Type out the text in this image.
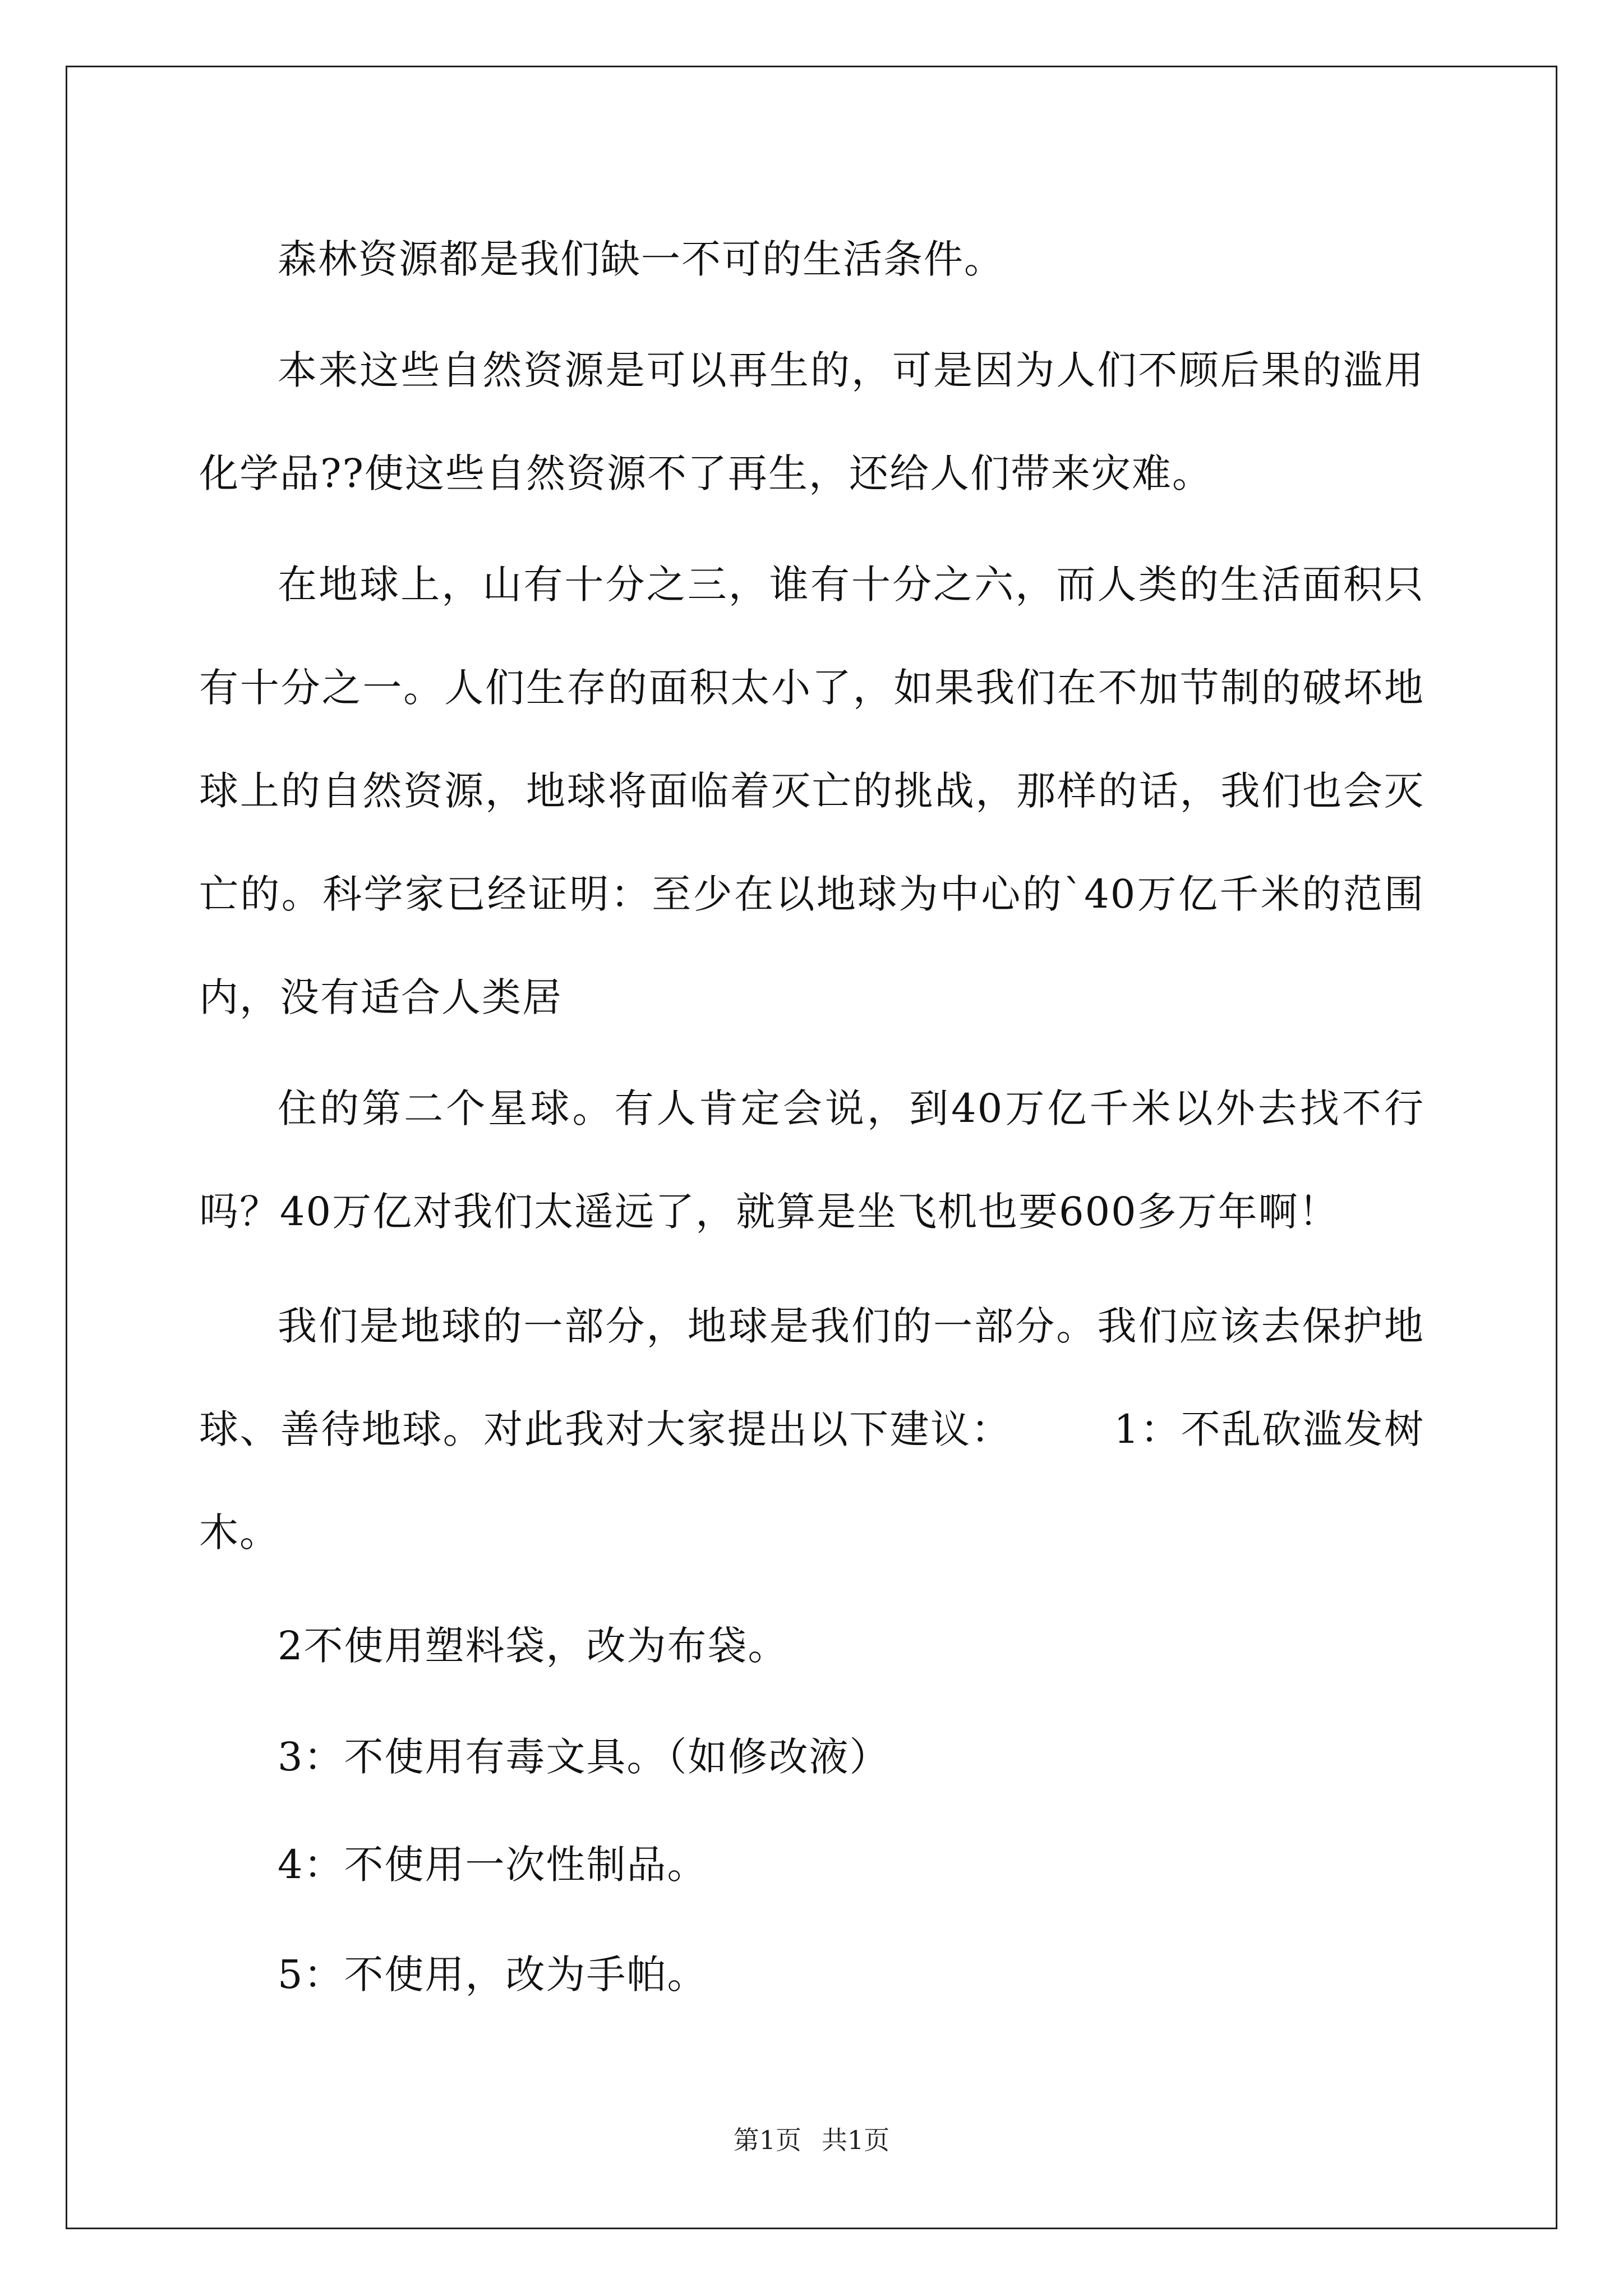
森林资源都是我们缺一不可的生活条件。

本来这些自然资源是可以再生的，可是因为人们不顾后果的滥用化学品??使这些自然资源不了再生，还给人们带来灾难。

在地球上，山有十分之三，谁有十分之六，而人类的生活面积只有十分之一。人们生存的面积太小了，如果我们在不加节制的破坏地球上的自然资源，地球将面临着灭亡的挑战，那样的话，我们也会灭亡的。科学家已经证明：至少在以地球为中心的`40万亿千米的范围内，没有适合人类居

住的第二个星球。有人肯定会说，到40万亿千米以外去找不行吗？40万亿对我们太遥远了，就算是坐飞机也要600多万年啊！

我们是地球的一部分，地球是我们的一部分。我们应该去保护地球、善待地球。对此我对大家提出以下建议：　　　1：不乱砍滥发树木。

2不使用塑料袋，改为布袋。

3：不使用有毒文具。（如修改液）

4：不使用一次性制品。

5：不使用，改为手帕。

第1页 共1页
